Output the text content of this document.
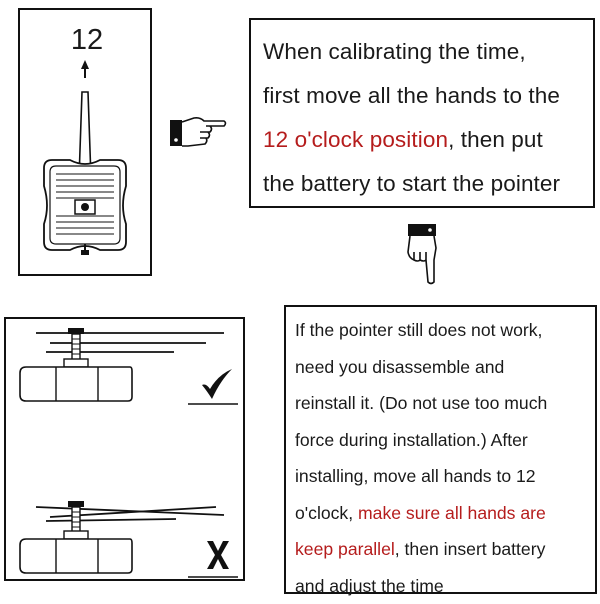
12	When calibrating the time,

first move all the hands to the

12 o'clock position, then put

the battery to start the pointer

If the pointer still does not work,

need you disassemble and

reinstall it. (Do not use too much

force during installation.) After

installing, move all hands to 12

o'clock, make sure all hands are

keep parallel, then insert battery

and adjust the time
